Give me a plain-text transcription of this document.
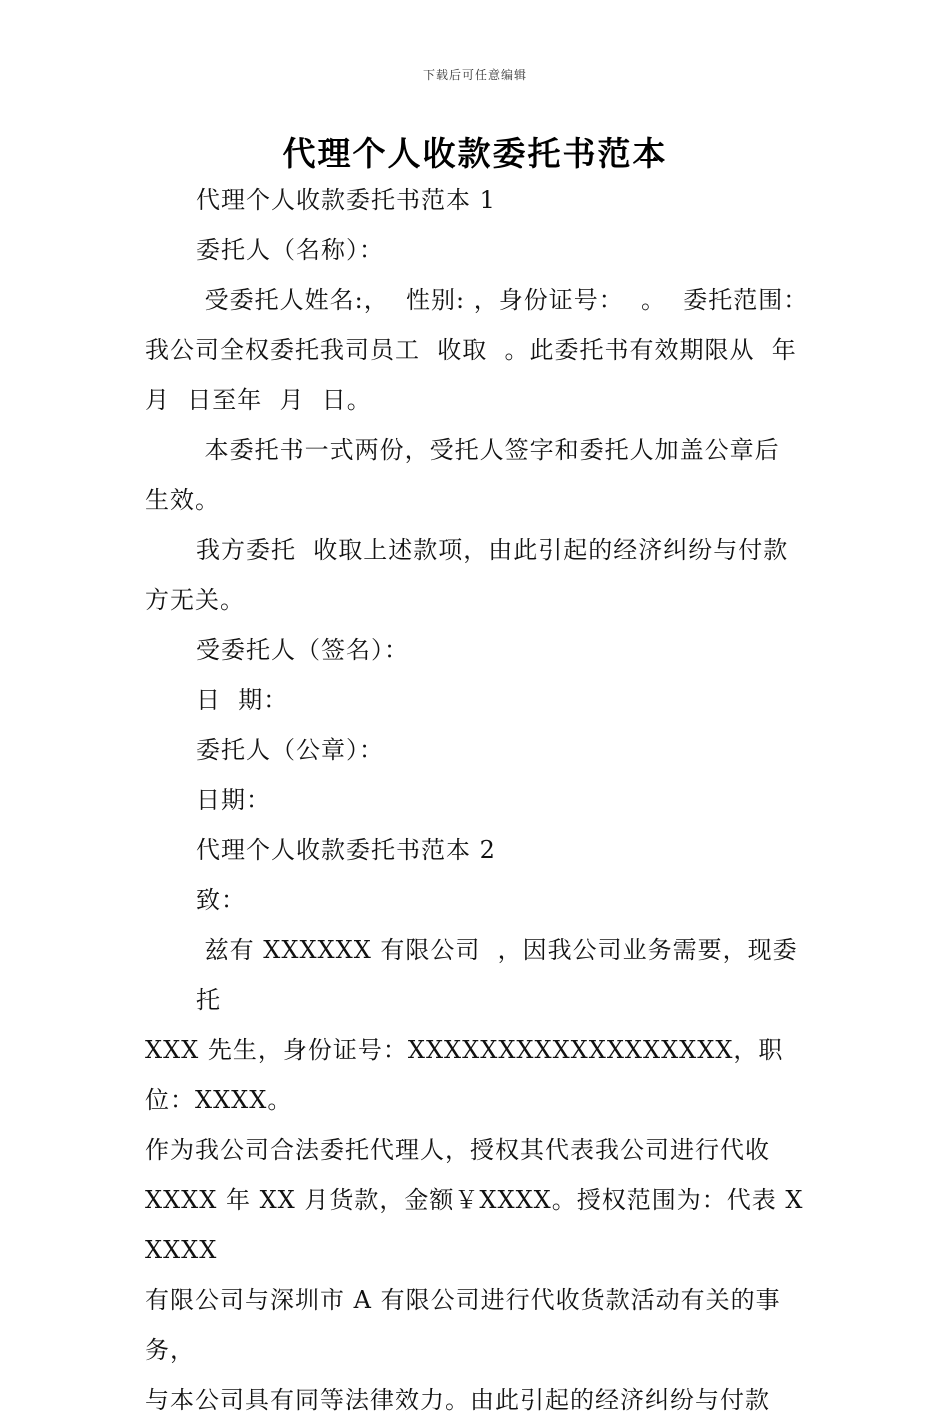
下载后可任意编辑
代理个人收款委托书范本

代理个人收款委托书范本 1

委托人（名称）：

受委托人姓名:，  性别: ，身份证号：  。  委托范围：

我公司全权委托我司员工  收取  。此委托书有效期限从  年

月  日至年  月  日。

本委托书一式两份，受托人签字和委托人加盖公章后

生效。

我方委托  收取上述款项，由此引起的经济纠纷与付款

方无关。

受委托人（签名）：

日  期：

委托人（公章）：

日期：

代理个人收款委托书范本 2

致：

兹有 XXXXXX 有限公司  ，因我公司业务需要，现委托

XXX 先生，身份证号：XXXXXXXXXXXXXXXXXX，职位：XXXX。

作为我公司合法委托代理人，授权其代表我公司进行代收

XXXX 年 XX 月货款，金额￥XXXX。授权范围为：代表 XXXXX

有限公司与深圳市 A 有限公司进行代收货款活动有关的事务，

与本公司具有同等法律效力。由此引起的经济纠纷与付款
